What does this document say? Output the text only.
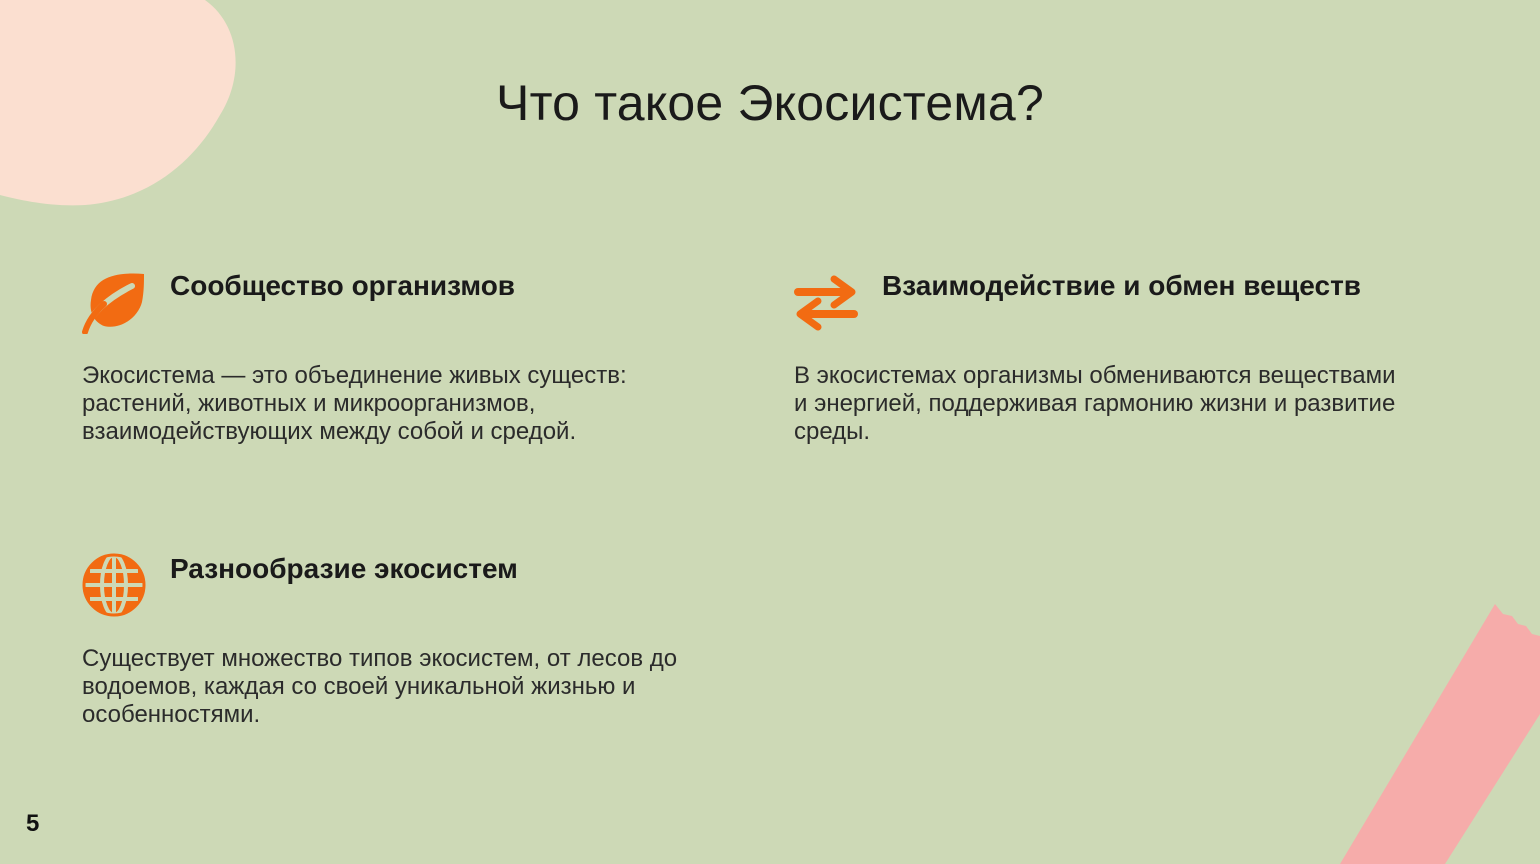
Что такое Экосистема?
Сообщество организмов
Экосистема — это объединение живых существ:
растений, животных и микроорганизмов,
взаимодействующих между собой и средой.
Взаимодействие и обмен веществ
В экосистемах организмы обмениваются веществами
и энергией, поддерживая гармонию жизни и развитие
среды.
Разнообразие экосистем
Существует множество типов экосистем, от лесов до
водоемов, каждая со своей уникальной жизнью и
особенностями.
5
